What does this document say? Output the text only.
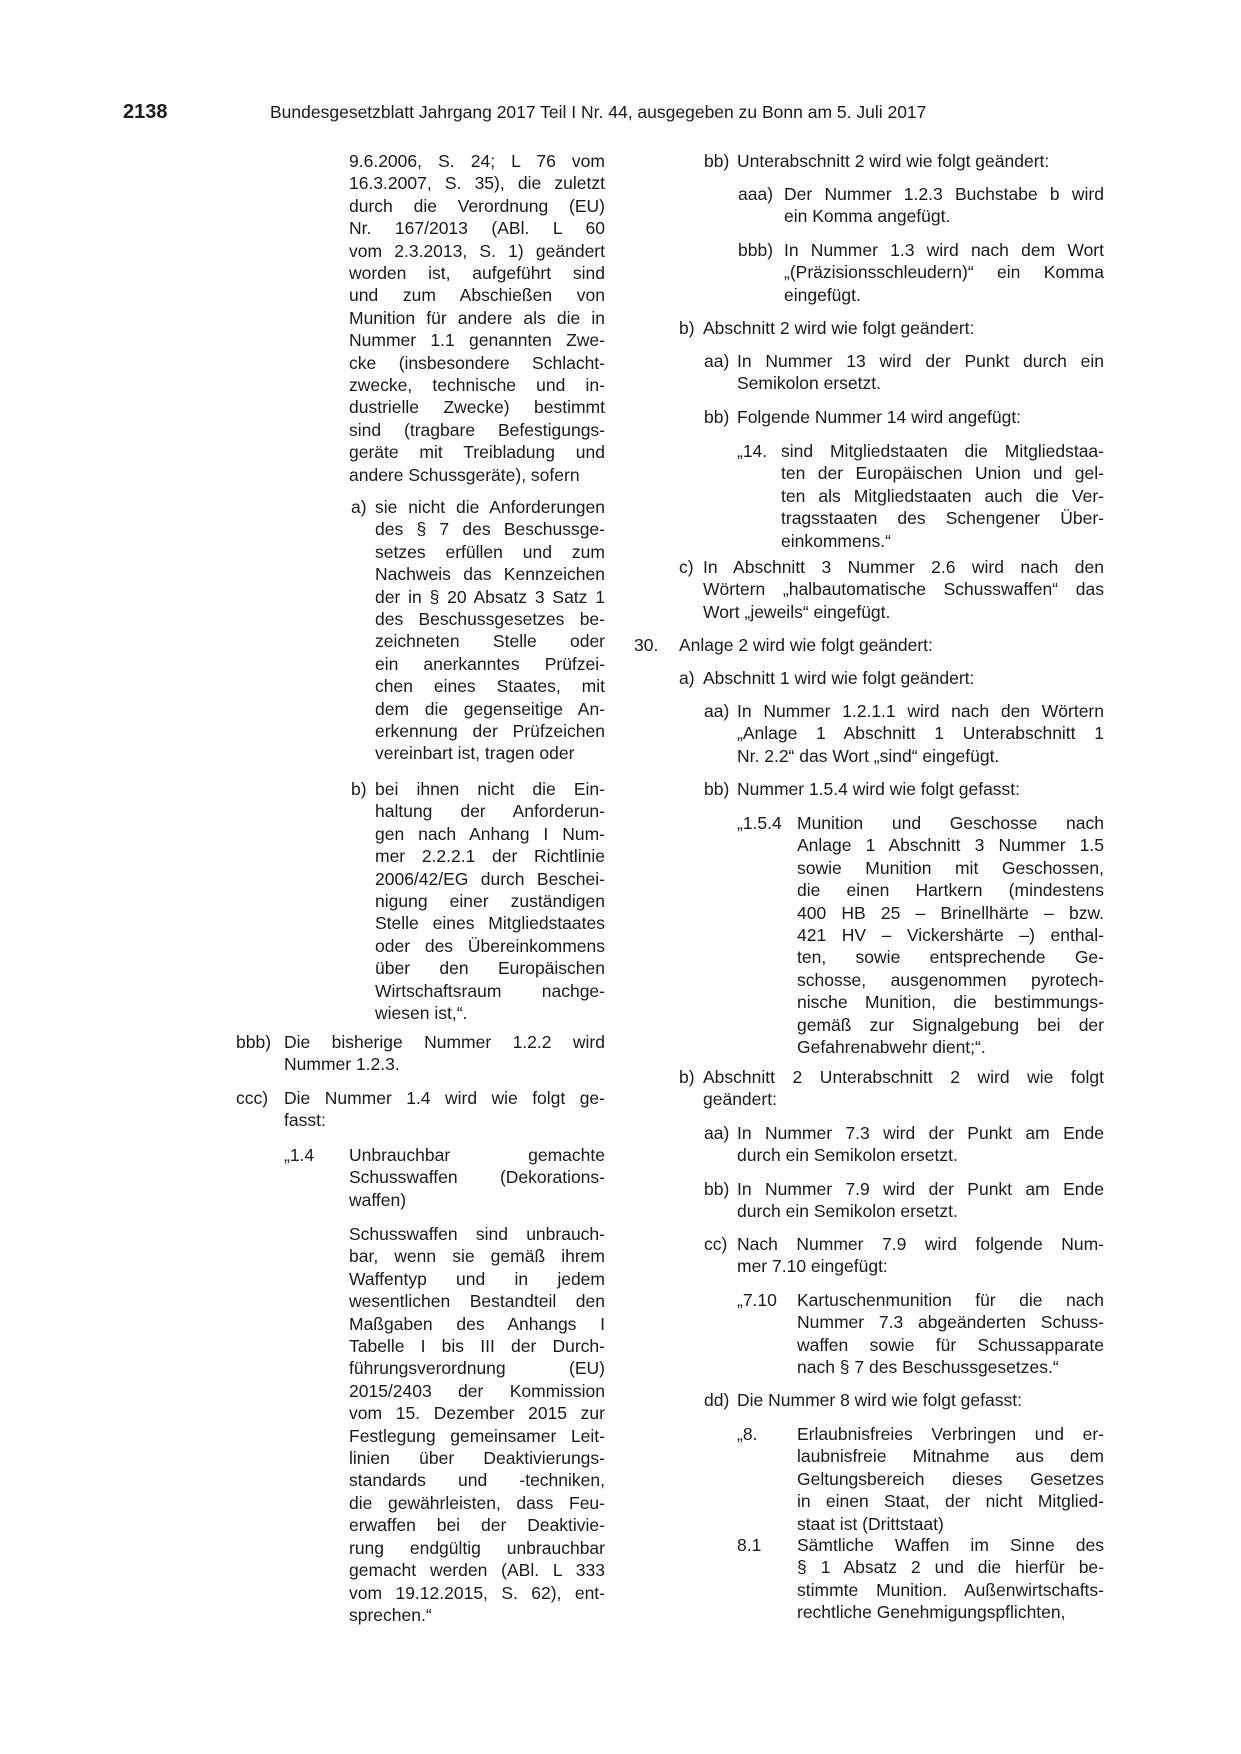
2138	Bundesgesetzblatt Jahrgang 2017 Teil I Nr. 44, ausgegeben zu Bonn am 5. Juli 2017
9.6.2006, S. 24; L 76 vom
16.3.2007, S. 35), die zuletzt
durch die Verordnung (EU)
Nr. 167/2013 (ABl. L 60
vom 2.3.2013, S. 1) geändert
worden ist, aufgeführt sind
und zum Abschießen von
Munition für andere als die in
Nummer 1.1 genannten Zwe-
cke (insbesondere Schlacht-
zwecke, technische und in-
dustrielle Zwecke) bestimmt
sind (tragbare Befestigungs-
geräte mit Treibladung und
andere Schussgeräte), sofern
a) sie nicht die Anforderungen
des § 7 des Beschussge-
setzes erfüllen und zum
Nachweis das Kennzeichen
der in § 20 Absatz 3 Satz 1
des Beschussgesetzes be-
zeichneten Stelle oder
ein anerkanntes Prüfzei-
chen eines Staates, mit
dem die gegenseitige An-
erkennung der Prüfzeichen
vereinbart ist, tragen oder
b) bei ihnen nicht die Ein-
haltung der Anforderun-
gen nach Anhang I Num-
mer 2.2.2.1 der Richtlinie
2006/42/EG durch Beschei-
nigung einer zuständigen
Stelle eines Mitgliedstaates
oder des Übereinkommens
über den Europäischen
Wirtschaftsraum nachge-
wiesen ist,“.
bbb) Die bisherige Nummer 1.2.2 wird
Nummer 1.2.3.
ccc) Die Nummer 1.4 wird wie folgt ge-
fasst:
„1.4 Unbrauchbar gemachte
Schusswaffen (Dekorations-
waffen)
Schusswaffen sind unbrauch-
bar, wenn sie gemäß ihrem
Waffentyp und in jedem
wesentlichen Bestandteil den
Maßgaben des Anhangs I
Tabelle I bis III der Durch-
führungsverordnung (EU)
2015/2403 der Kommission
vom 15. Dezember 2015 zur
Festlegung gemeinsamer Leit-
linien über Deaktivierungs-
standards und -techniken,
die gewährleisten, dass Feu-
erwaffen bei der Deaktivie-
rung endgültig unbrauchbar
gemacht werden (ABl. L 333
vom 19.12.2015, S. 62), ent-
sprechen.“
bb) Unterabschnitt 2 wird wie folgt geändert:
aaa) Der Nummer 1.2.3 Buchstabe b wird
ein Komma angefügt.
bbb) In Nummer 1.3 wird nach dem Wort
„(Präzisionsschleudern)“ ein Komma
eingefügt.
b) Abschnitt 2 wird wie folgt geändert:
aa) In Nummer 13 wird der Punkt durch ein
Semikolon ersetzt.
bb) Folgende Nummer 14 wird angefügt:
„14. sind Mitgliedstaaten die Mitgliedstaa-
ten der Europäischen Union und gel-
ten als Mitgliedstaaten auch die Ver-
tragsstaaten des Schengener Über-
einkommens.“
c) In Abschnitt 3 Nummer 2.6 wird nach den
Wörtern „halbautomatische Schusswaffen“ das
Wort „jeweils“ eingefügt.
30. Anlage 2 wird wie folgt geändert:
a) Abschnitt 1 wird wie folgt geändert:
aa) In Nummer 1.2.1.1 wird nach den Wörtern
„Anlage 1 Abschnitt 1 Unterabschnitt 1
Nr. 2.2“ das Wort „sind“ eingefügt.
bb) Nummer 1.5.4 wird wie folgt gefasst:
„1.5.4 Munition und Geschosse nach
Anlage 1 Abschnitt 3 Nummer 1.5
sowie Munition mit Geschossen,
die einen Hartkern (mindestens
400 HB 25 – Brinellhärte – bzw.
421 HV – Vickershärte –) enthal-
ten, sowie entsprechende Ge-
schosse, ausgenommen pyrotech-
nische Munition, die bestimmungs-
gemäß zur Signalgebung bei der
Gefahrenabwehr dient;“.
b) Abschnitt 2 Unterabschnitt 2 wird wie folgt
geändert:
aa) In Nummer 7.3 wird der Punkt am Ende
durch ein Semikolon ersetzt.
bb) In Nummer 7.9 wird der Punkt am Ende
durch ein Semikolon ersetzt.
cc) Nach Nummer 7.9 wird folgende Num-
mer 7.10 eingefügt:
„7.10 Kartuschenmunition für die nach
Nummer 7.3 abgeänderten Schuss-
waffen sowie für Schussapparate
nach § 7 des Beschussgesetzes.“
dd) Die Nummer 8 wird wie folgt gefasst:
„8. Erlaubnisfreies Verbringen und er-
laubnisfreie Mitnahme aus dem
Geltungsbereich dieses Gesetzes
in einen Staat, der nicht Mitglied-
staat ist (Drittstaat)
8.1 Sämtliche Waffen im Sinne des
§ 1 Absatz 2 und die hierfür be-
stimmte Munition. Außenwirtschafts-
rechtliche Genehmigungspflichten,
